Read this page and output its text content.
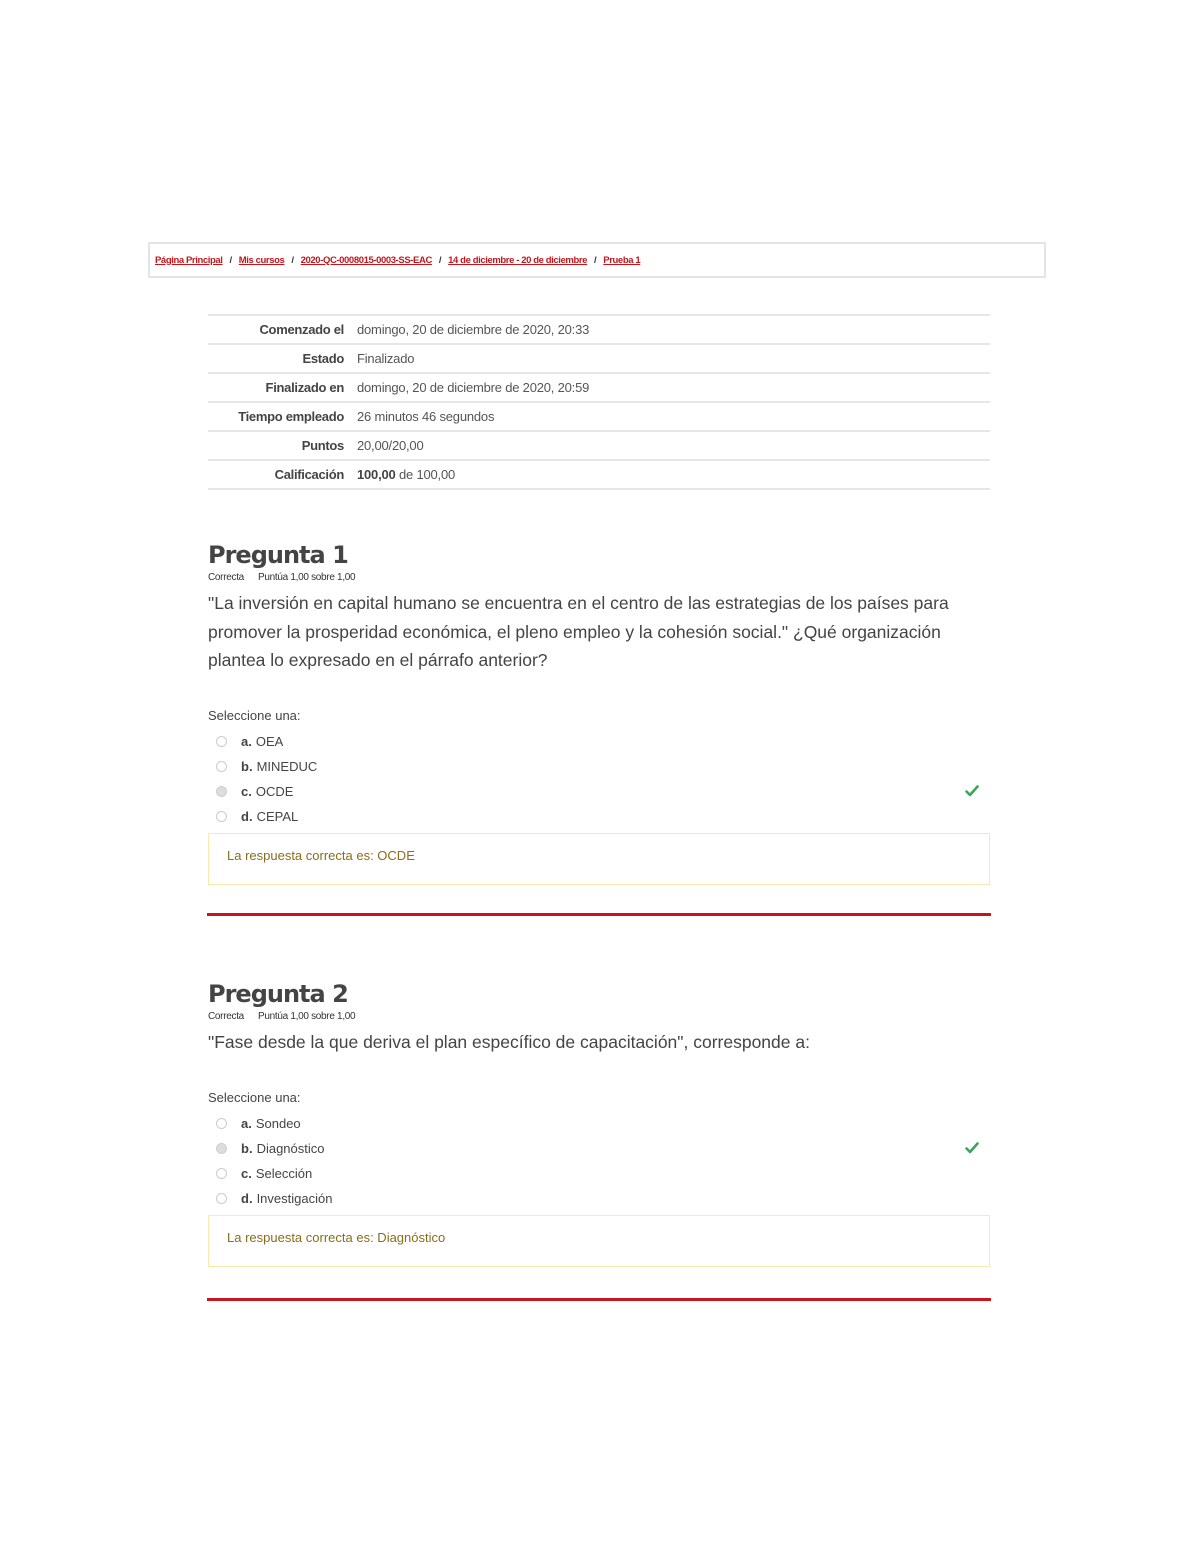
Página Principal / Mis cursos / 2020-QC-0008015-0003-SS-EAC / 14 de diciembre - 20 de diciembre / Prueba 1
Comenzado el	domingo, 20 de diciembre de 2020, 20:33
Estado	Finalizado
Finalizado en	domingo, 20 de diciembre de 2020, 20:59
Tiempo empleado	26 minutos 46 segundos
Puntos	20,00/20,00
Calificación	100,00 de 100,00
Pregunta 1
Correcta Puntúa 1,00 sobre 1,00
"La inversión en capital humano se encuentra en el centro de las estrategias de los países para promover la prosperidad económica, el pleno empleo y la cohesión social." ¿Qué organización plantea lo expresado en el párrafo anterior?
Seleccione una:
a. OEA
b. MINEDUC
c. OCDE
d. CEPAL
La respuesta correcta es: OCDE
Pregunta 2
Correcta Puntúa 1,00 sobre 1,00
"Fase desde la que deriva el plan específico de capacitación", corresponde a:
Seleccione una:
a. Sondeo
b. Diagnóstico
c. Selección
d. Investigación
La respuesta correcta es: Diagnóstico
